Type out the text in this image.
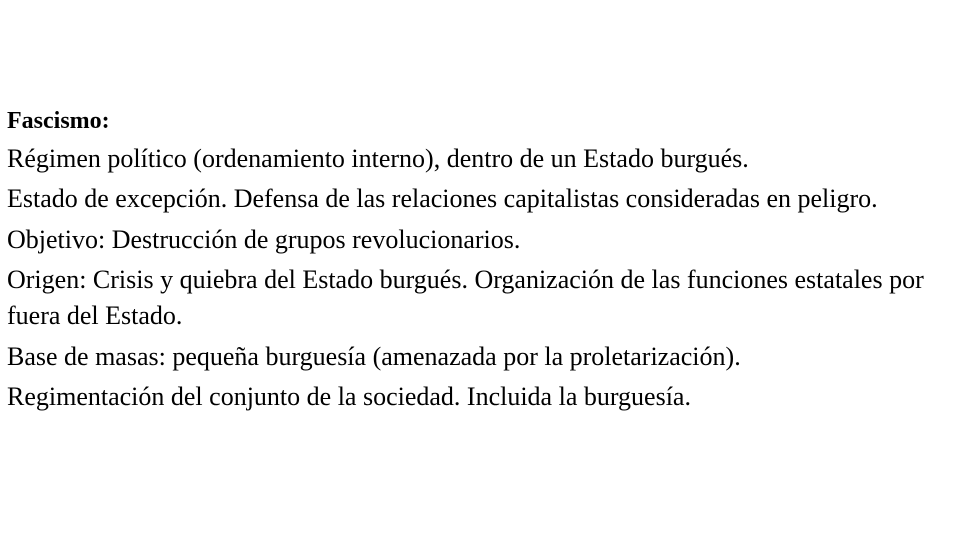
Fascismo:
Régimen político (ordenamiento interno), dentro de un Estado burgués.
Estado de excepción. Defensa de las relaciones capitalistas consideradas en peligro.
Objetivo: Destrucción de grupos revolucionarios.
Origen: Crisis y quiebra del Estado burgués. Organización de las funciones estatales por fuera del Estado.
Base de masas: pequeña burguesía (amenazada por la proletarización).
Regimentación del conjunto de la sociedad. Incluida la burguesía.
